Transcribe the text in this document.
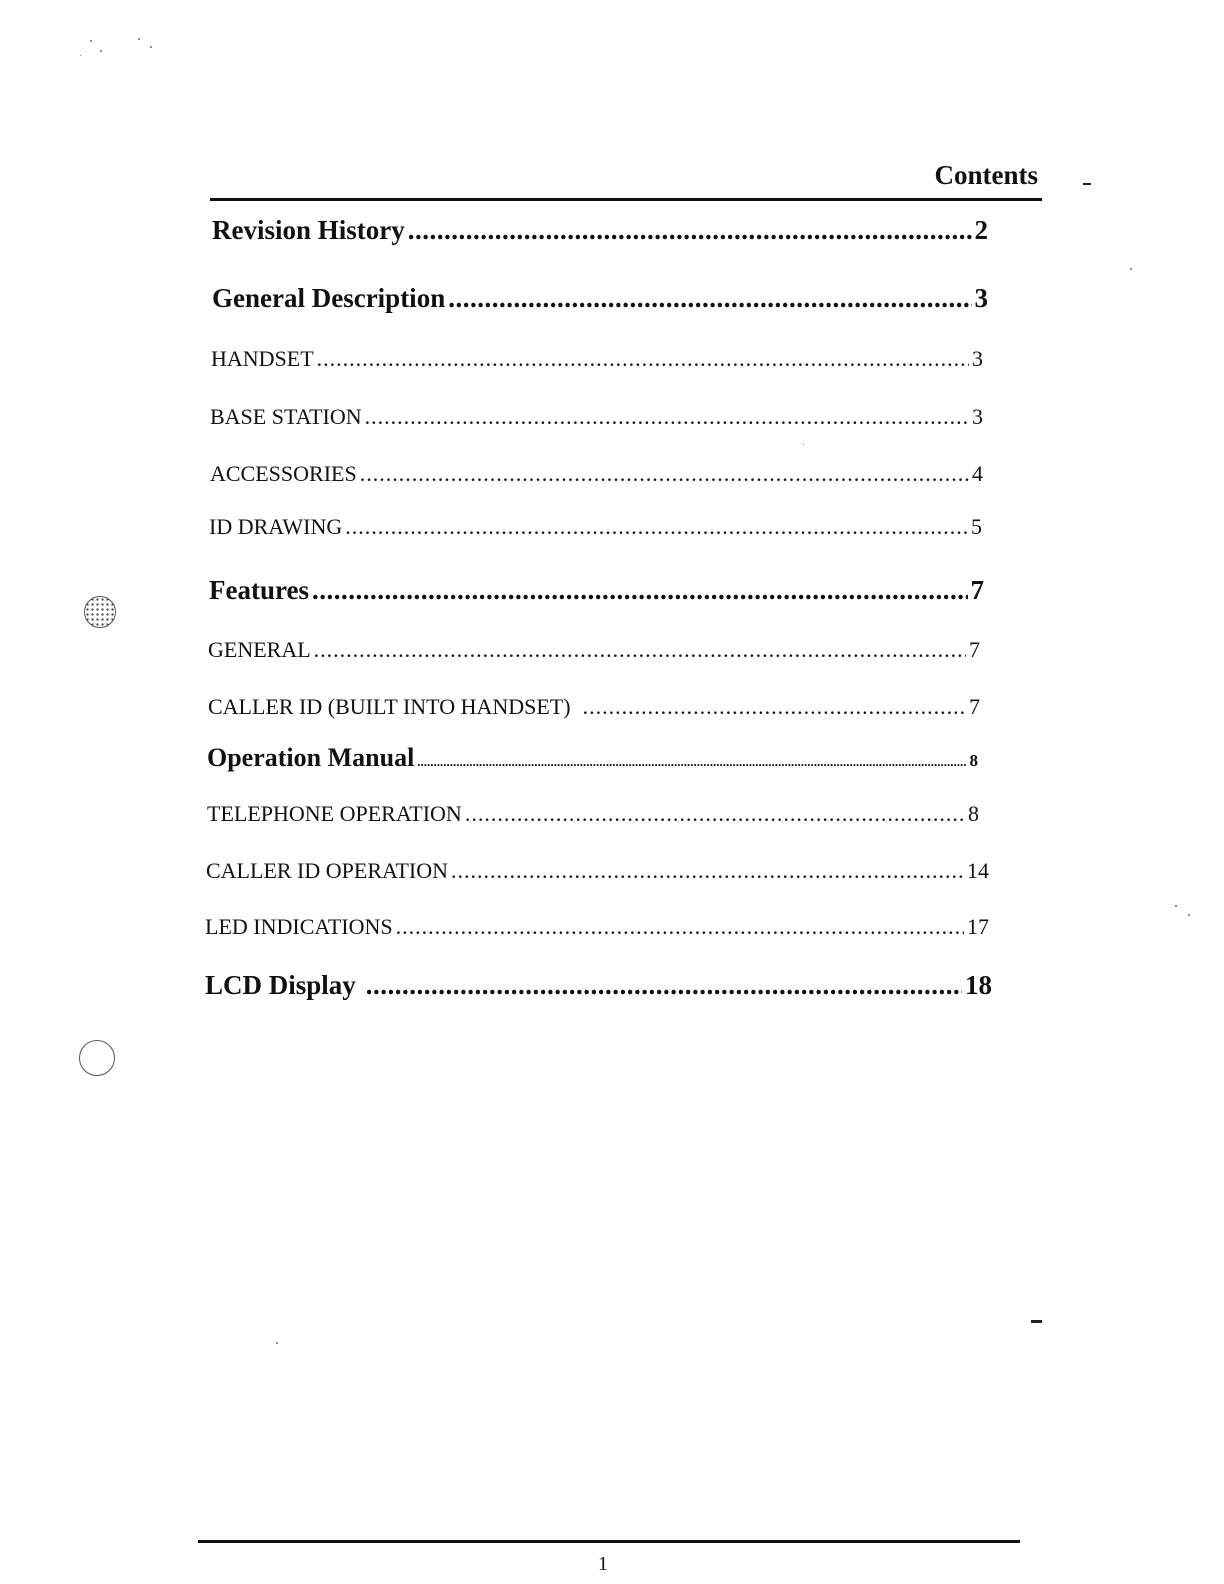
Contents
Revision History .....	2
General Description .....	3
HANDSET .....	3
BASE STATION .....	3
ACCESSORIES .....	4
ID DRAWING .....	5
Features .....	7
GENERAL .....	7
CALLER ID (BUILT INTO HANDSET) .....	7
Operation Manual .....	8
TELEPHONE OPERATION .....	8
CALLER ID OPERATION .....	14
LED INDICATIONS .....	17
LCD Display .....	18
1
